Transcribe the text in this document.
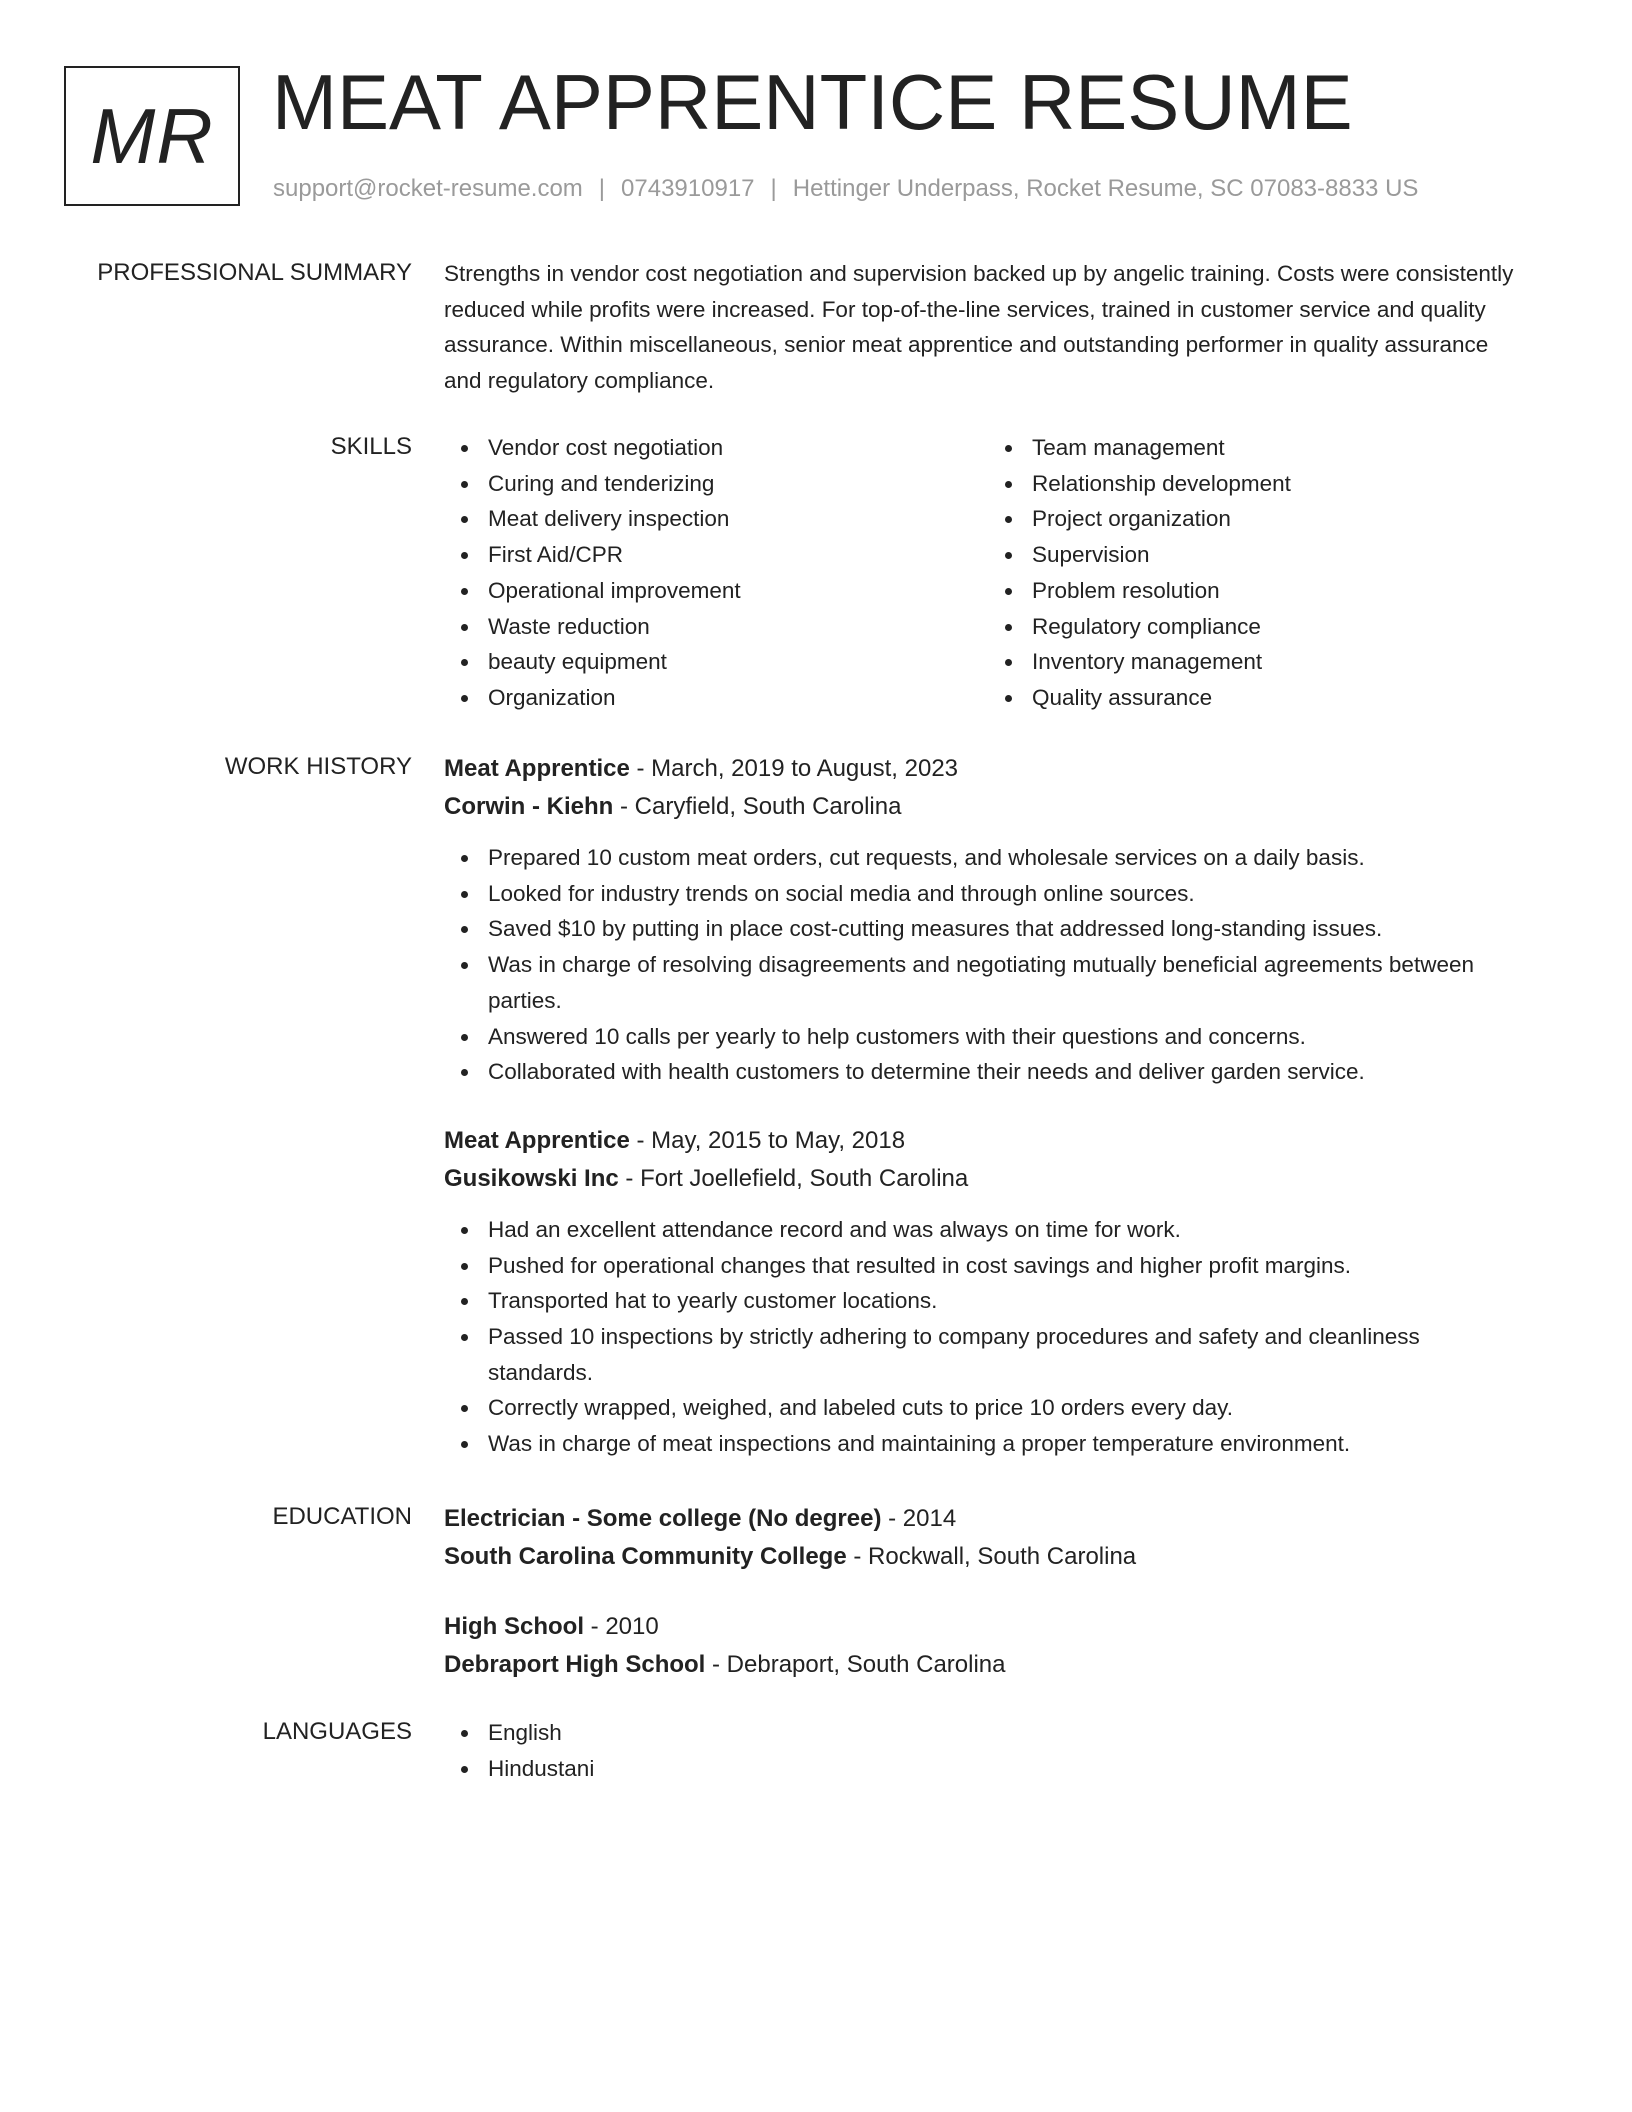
MR MEAT APPRENTICE RESUME
support@rocket-resume.com | 0743910917 | Hettinger Underpass, Rocket Resume, SC 07083-8833 US
PROFESSIONAL SUMMARY Strengths in vendor cost negotiation and supervision backed up by angelic training. Costs were consistently reduced while profits were increased. For top-of-the-line services, trained in customer service and quality assurance. Within miscellaneous, senior meat apprentice and outstanding performer in quality assurance and regulatory compliance.

SKILLS	Vendor cost negotiation
Curing and tenderizing
Meat delivery inspection
First Aid/CPR
Operational improvement
Waste reduction
beauty equipment
Organization
Team management
Relationship development
Project organization
Supervision
Problem resolution
Regulatory compliance
Inventory management
Quality assurance
WORK HISTORY Meat Apprentice - March, 2019 to August, 2023
Corwin - Kiehn - Caryfield, South Carolina
Prepared 10 custom meat orders, cut requests, and wholesale services on a daily basis.
Looked for industry trends on social media and through online sources.
Saved $10 by putting in place cost-cutting measures that addressed long-standing issues.
Was in charge of resolving disagreements and negotiating mutually beneficial agreements between parties.
Answered 10 calls per yearly to help customers with their questions and concerns.
Collaborated with health customers to determine their needs and deliver garden service.
Meat Apprentice - May, 2015 to May, 2018
Gusikowski Inc - Fort Joellefield, South Carolina
Had an excellent attendance record and was always on time for work.
Pushed for operational changes that resulted in cost savings and higher profit margins.
Transported hat to yearly customer locations.
Passed 10 inspections by strictly adhering to company procedures and safety and cleanliness standards.
Correctly wrapped, weighed, and labeled cuts to price 10 orders every day.
Was in charge of meat inspections and maintaining a proper temperature environment.
EDUCATION Electrician - Some college (No degree) - 2014
South Carolina Community College - Rockwall, South Carolina
High School - 2010
Debraport High School - Debraport, South Carolina
LANGUAGES	English
Hindustani
